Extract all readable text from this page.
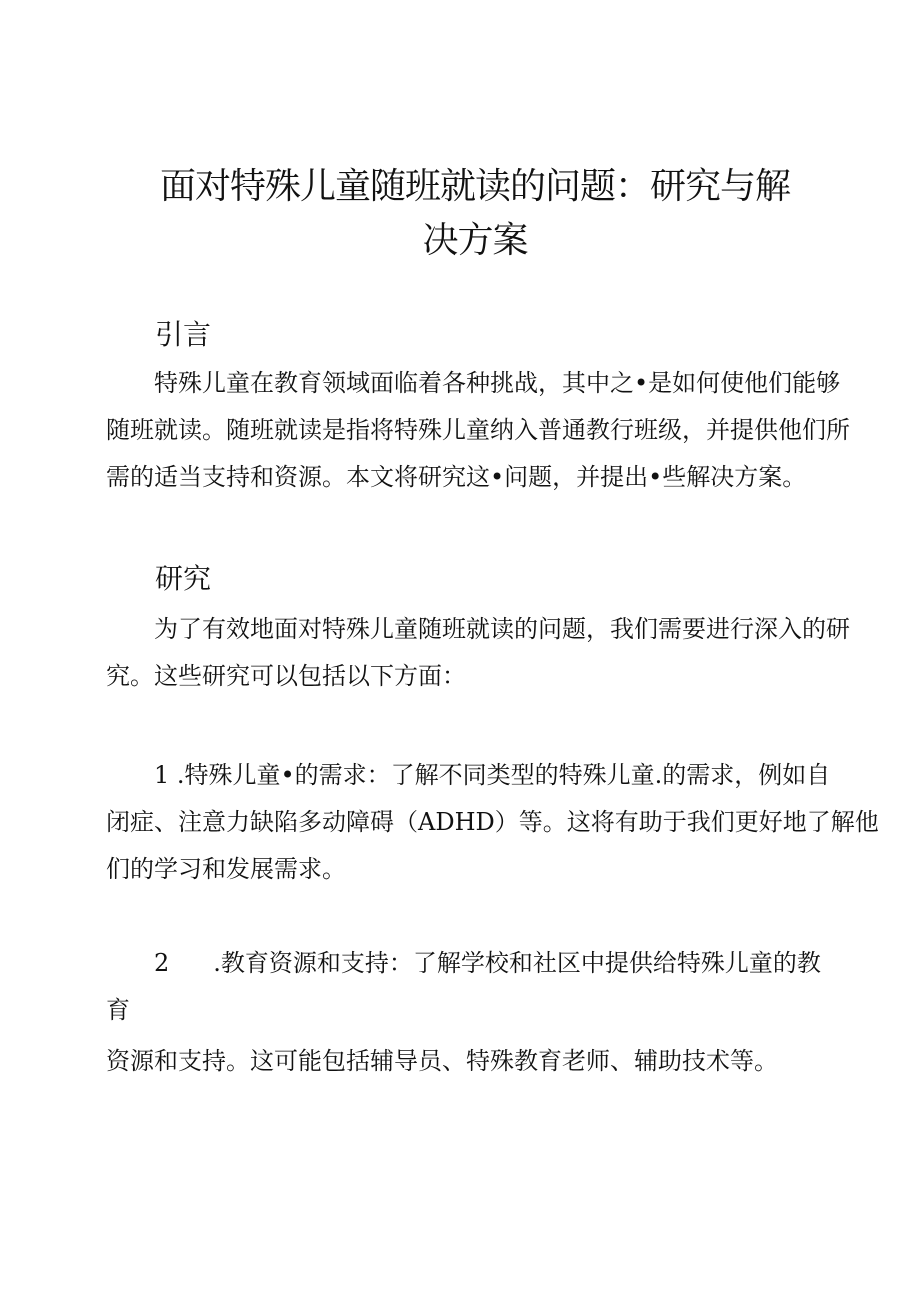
面对特殊儿童随班就读的问题：研究与解
决方案
引言
特殊儿童在教育领域面临着各种挑战，其中之•是如何使他们能够
随班就读。随班就读是指将特殊儿童纳入普通教行班级，并提供他们所
需的适当支持和资源。本文将研究这•问题，并提出•些解决方案。
研究
为了有效地面对特殊儿童随班就读的问题，我们需要进行深入的研
究。这些研究可以包括以下方面：
1 .特殊儿童•的需求：了解不同类型的特殊儿童.的需求，例如自
闭症、注意力缺陷多动障碍（ADHD）等。这将有助于我们更好地了解他
们的学习和发展需求。
2 .教育资源和支持：了解学校和社区中提供给特殊儿童的教
育
资源和支持。这可能包括辅导员、特殊教育老师、辅助技术等。
